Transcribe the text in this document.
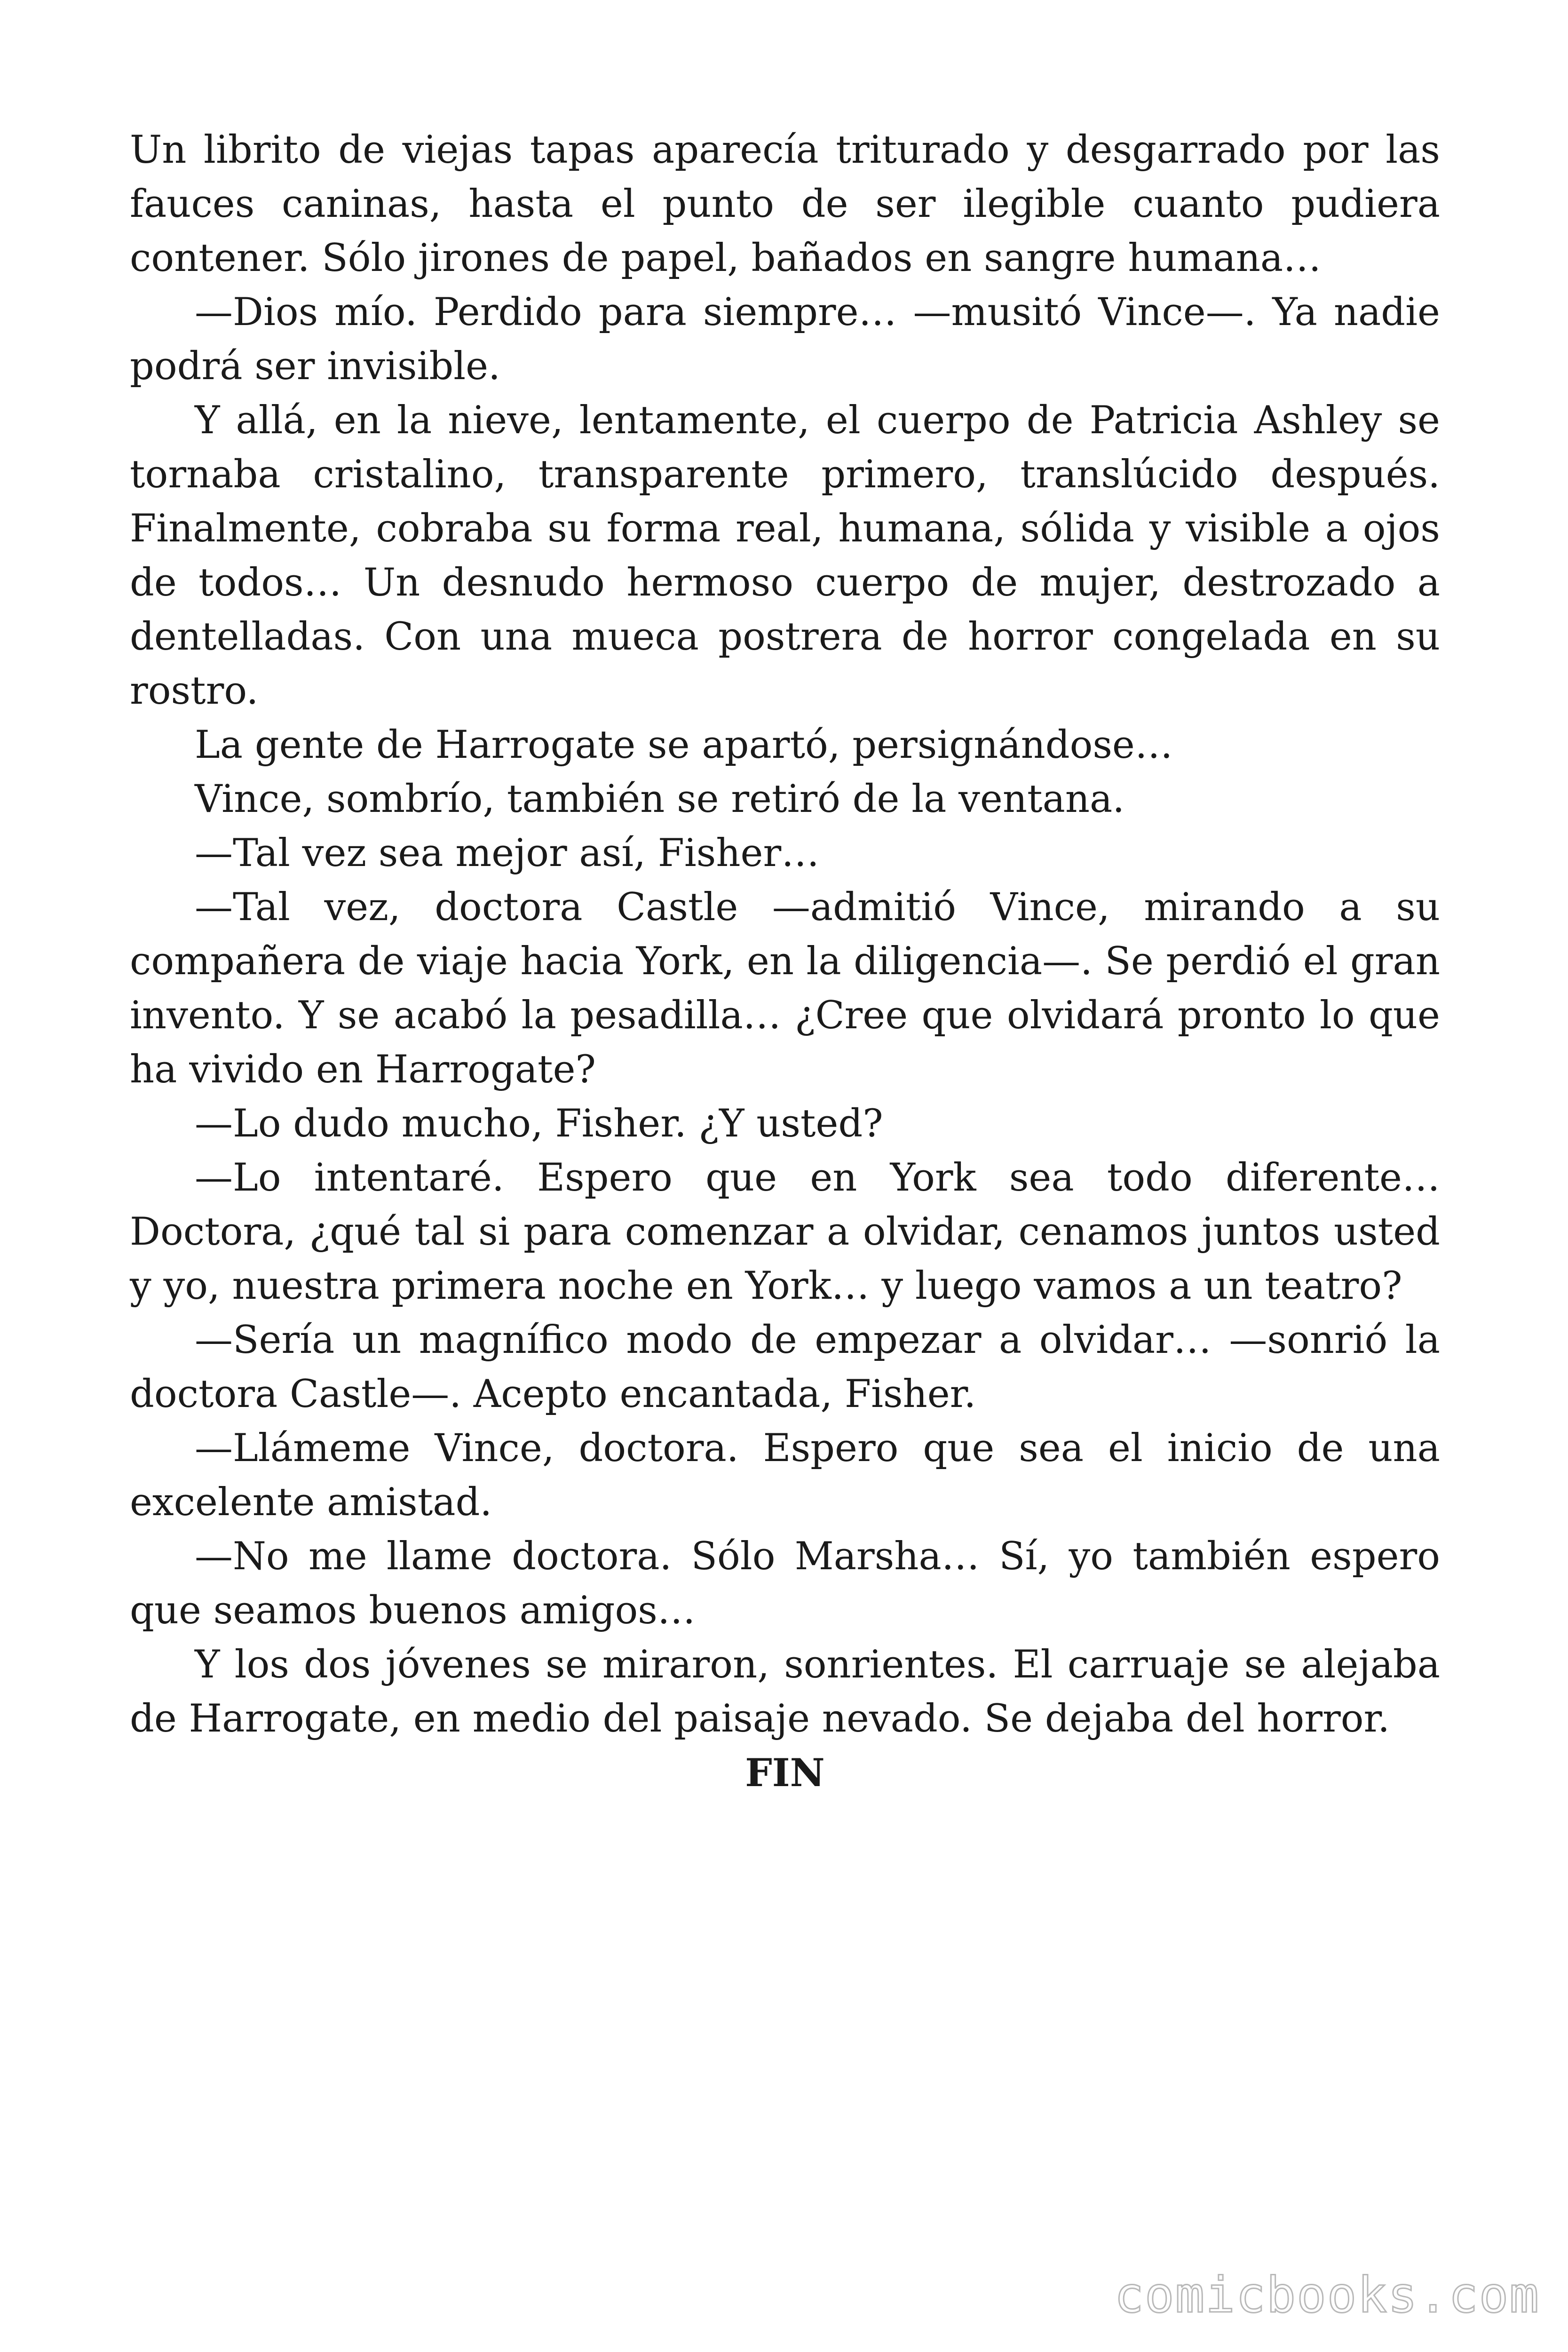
Un librito de viejas tapas aparecía triturado y desgarrado por las fauces caninas, hasta el punto de ser ilegible cuanto pudiera contener. Sólo jirones de papel, bañados en sangre humana…

—Dios mío. Perdido para siempre… —musitó Vince—. Ya nadie podrá ser invisible.

Y allá, en la nieve, lentamente, el cuerpo de Patricia Ashley se tornaba cristalino, transparente primero, translúcido después. Finalmente, cobraba su forma real, humana, sólida y visible a ojos de todos… Un desnudo hermoso cuerpo de mujer, destrozado a dentelladas. Con una mueca postrera de horror congelada en su rostro.

La gente de Harrogate se apartó, persignándose…

Vince, sombrío, también se retiró de la ventana.

—Tal vez sea mejor así, Fisher…

—Tal vez, doctora Castle —admitió Vince, mirando a su compañera de viaje hacia York, en la diligencia—. Se perdió el gran invento. Y se acabó la pesadilla… ¿Cree que olvidará pronto lo que ha vivido en Harrogate?

—Lo dudo mucho, Fisher. ¿Y usted?

—Lo intentaré. Espero que en York sea todo diferente… Doctora, ¿qué tal si para comenzar a olvidar, cenamos juntos usted y yo, nuestra primera noche en York… y luego vamos a un teatro?

—Sería un magnífico modo de empezar a olvidar… —sonrió la doctora Castle—. Acepto encantada, Fisher.

—Llámeme Vince, doctora. Espero que sea el inicio de una excelente amistad.

—No me llame doctora. Sólo Marsha… Sí, yo también espero que seamos buenos amigos…

Y los dos jóvenes se miraron, sonrientes. El carruaje se alejaba de Harrogate, en medio del paisaje nevado. Se dejaba del horror.

FIN

comicbooks.com
